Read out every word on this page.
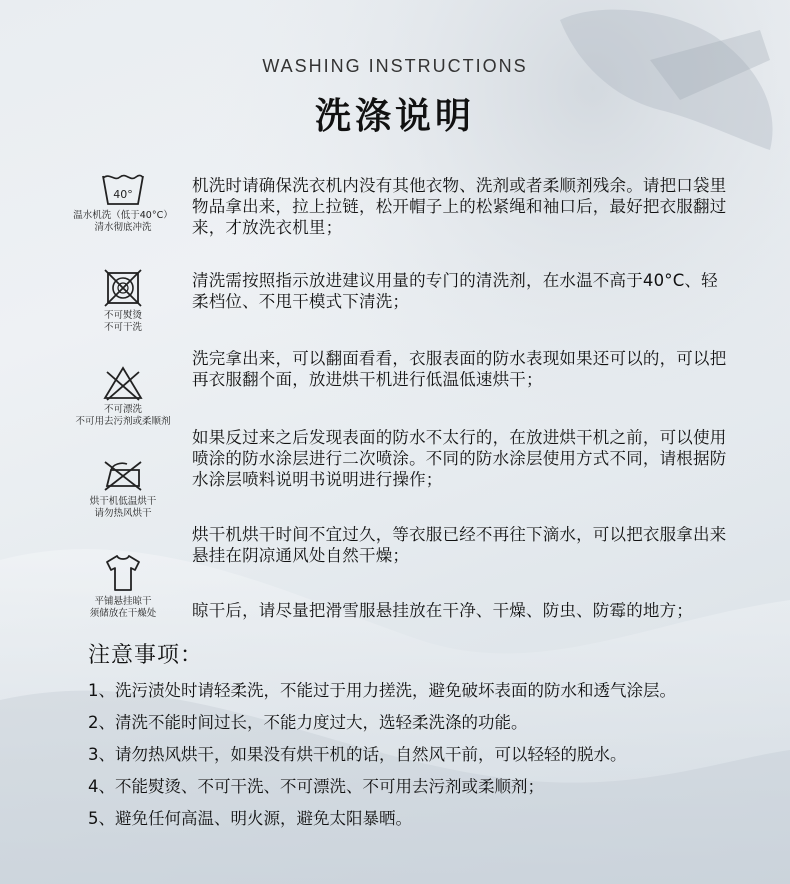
WASHING INSTRUCTIONS
洗涤说明
40°
温水机洗（低于40°C）
清水彻底冲洗
不可熨烫
不可干洗
不可漂洗
不可用去污剂或柔顺剂
烘干机低温烘干
请勿热风烘干
平铺悬挂晾干
须储放在干燥处
机洗时请确保洗衣机内没有其他衣物、洗剂或者柔顺剂残余。请把口袋里物品拿出来，拉上拉链，松开帽子上的松紧绳和袖口后，最好把衣服翻过来，才放洗衣机里；
清洗需按照指示放进建议用量的专门的清洗剂，在水温不高于40°C、轻柔档位、不甩干模式下清洗；
洗完拿出来，可以翻面看看，衣服表面的防水表现如果还可以的，可以把再衣服翻个面，放进烘干机进行低温低速烘干；
如果反过来之后发现表面的防水不太行的，在放进烘干机之前，可以使用喷涂的防水涂层进行二次喷涂。不同的防水涂层使用方式不同，请根据防水涂层喷料说明书说明进行操作；
烘干机烘干时间不宜过久，等衣服已经不再往下滴水，可以把衣服拿出来悬挂在阴凉通风处自然干燥；
晾干后，请尽量把滑雪服悬挂放在干净、干燥、防虫、防霉的地方；
注意事项：
1、洗污渍处时请轻柔洗，不能过于用力搓洗，避免破坏表面的防水和透气涂层。
2、清洗不能时间过长，不能力度过大，选轻柔洗涤的功能。
3、请勿热风烘干，如果没有烘干机的话，自然风干前，可以轻轻的脱水。
4、不能熨烫、不可干洗、不可漂洗、不可用去污剂或柔顺剂；
5、避免任何高温、明火源，避免太阳暴晒。
